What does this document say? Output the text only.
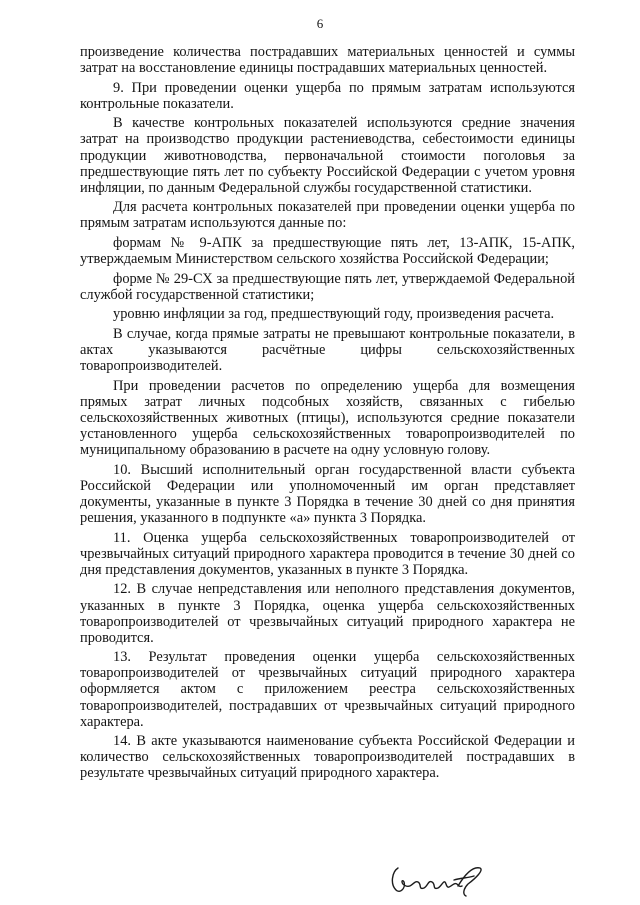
6

произведение количества пострадавших материальных ценностей и суммы затрат на восстановление единицы пострадавших материальных ценностей.

9. При проведении оценки ущерба по прямым затратам используются контрольные показатели.

В качестве контрольных показателей используются средние значения затрат на производство продукции растениеводства, себестоимости единицы продукции животноводства, первоначальной стоимости поголовья за предшествующие пять лет по субъекту Российской Федерации с учетом уровня инфляции, по данным Федеральной службы государственной статистики.

Для расчета контрольных показателей при проведении оценки ущерба по прямым затратам используются данные по:

формам № 9-АПК за предшествующие пять лет, 13-АПК, 15-АПК, утверждаемым Министерством сельского хозяйства Российской Федерации;

форме № 29-СХ за предшествующие пять лет, утверждаемой Федеральной службой государственной статистики;

уровню инфляции за год, предшествующий году, произведения расчета.

В случае, когда прямые затраты не превышают контрольные показатели, в актах указываются расчётные цифры сельскохозяйственных товаропроизводителей.

При проведении расчетов по определению ущерба для возмещения прямых затрат личных подсобных хозяйств, связанных с гибелью сельскохозяйственных животных (птицы), используются средние показатели установленного ущерба сельскохозяйственных товаропроизводителей по муниципальному образованию в расчете на одну условную голову.

10. Высший исполнительный орган государственной власти субъекта Российской Федерации или уполномоченный им орган представляет документы, указанные в пункте 3 Порядка в течение 30 дней со дня принятия решения, указанного в подпункте «а» пункта 3 Порядка.

11. Оценка ущерба сельскохозяйственных товаропроизводителей от чрезвычайных ситуаций природного характера проводится в течение 30 дней со дня представления документов, указанных в пункте 3 Порядка.

12. В случае непредставления или неполного представления документов, указанных в пункте 3 Порядка, оценка ущерба сельскохозяйственных товаропроизводителей от чрезвычайных ситуаций природного характера не проводится.

13. Результат проведения оценки ущерба сельскохозяйственных товаропроизводителей от чрезвычайных ситуаций природного характера оформляется актом с приложением реестра сельскохозяйственных товаропроизводителей, пострадавших от чрезвычайных ситуаций природного характера.

14. В акте указываются наименование субъекта Российской Федерации и количество сельскохозяйственных товаропроизводителей пострадавших в результате чрезвычайных ситуаций природного характера.
